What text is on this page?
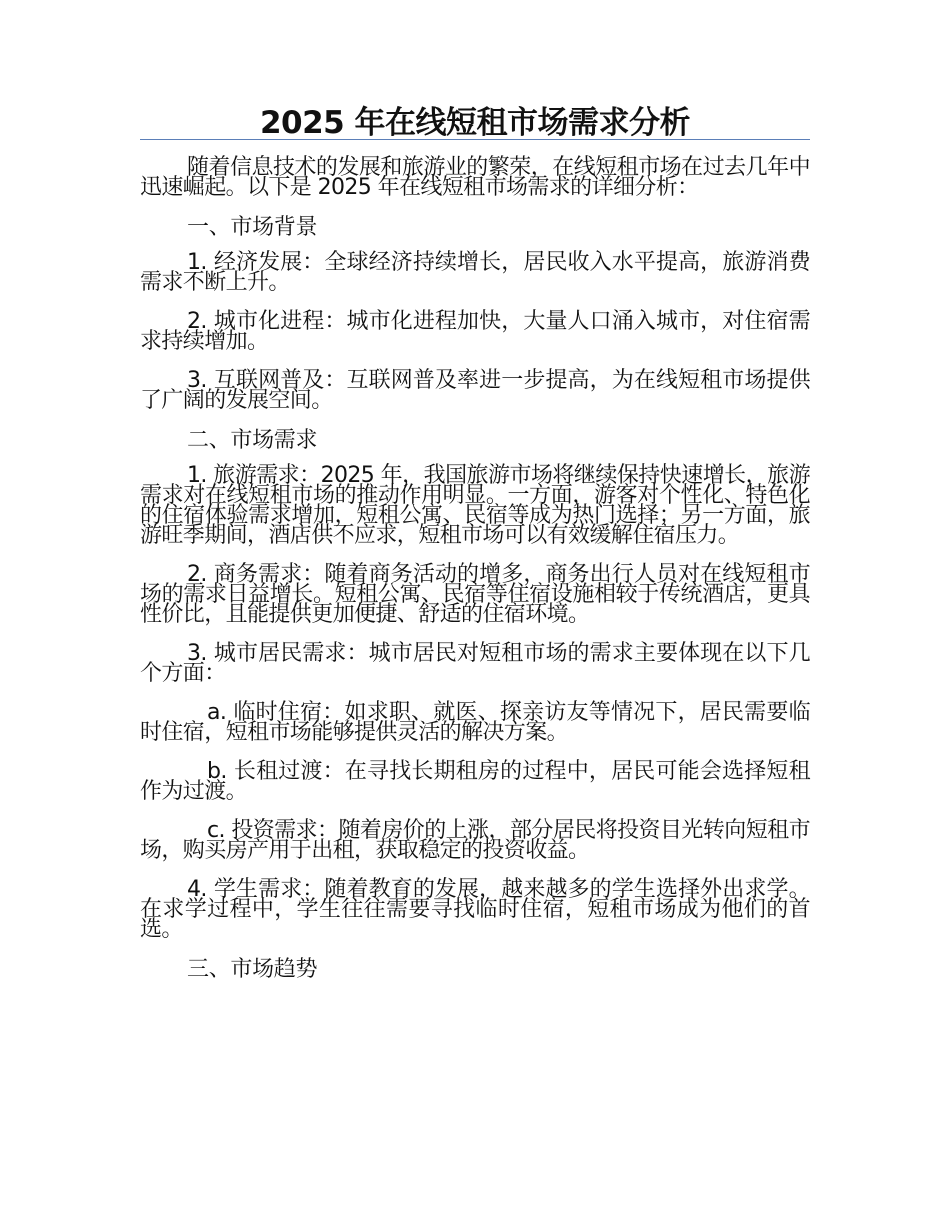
2025 年在线短租市场需求分析

随着信息技术的发展和旅游业的繁荣，在线短租市场在过去几年中迅速崛起。以下是 2025 年在线短租市场需求的详细分析：

一、市场背景

1. 经济发展：全球经济持续增长，居民收入水平提高，旅游消费需求不断上升。

2. 城市化进程：城市化进程加快，大量人口涌入城市，对住宿需求持续增加。

3. 互联网普及：互联网普及率进一步提高，为在线短租市场提供了广阔的发展空间。

二、市场需求

1. 旅游需求：2025 年，我国旅游市场将继续保持快速增长，旅游需求对在线短租市场的推动作用明显。一方面，游客对个性化、特色化的住宿体验需求增加，短租公寓、民宿等成为热门选择；另一方面，旅游旺季期间，酒店供不应求，短租市场可以有效缓解住宿压力。

2. 商务需求：随着商务活动的增多，商务出行人员对在线短租市场的需求日益增长。短租公寓、民宿等住宿设施相较于传统酒店，更具性价比，且能提供更加便捷、舒适的住宿环境。

3. 城市居民需求：城市居民对短租市场的需求主要体现在以下几个方面：

a. 临时住宿：如求职、就医、探亲访友等情况下，居民需要临时住宿，短租市场能够提供灵活的解决方案。

b. 长租过渡：在寻找长期租房的过程中，居民可能会选择短租作为过渡。

c. 投资需求：随着房价的上涨，部分居民将投资目光转向短租市场，购买房产用于出租，获取稳定的投资收益。

4. 学生需求：随着教育的发展，越来越多的学生选择外出求学。在求学过程中，学生往往需要寻找临时住宿，短租市场成为他们的首选。

三、市场趋势
